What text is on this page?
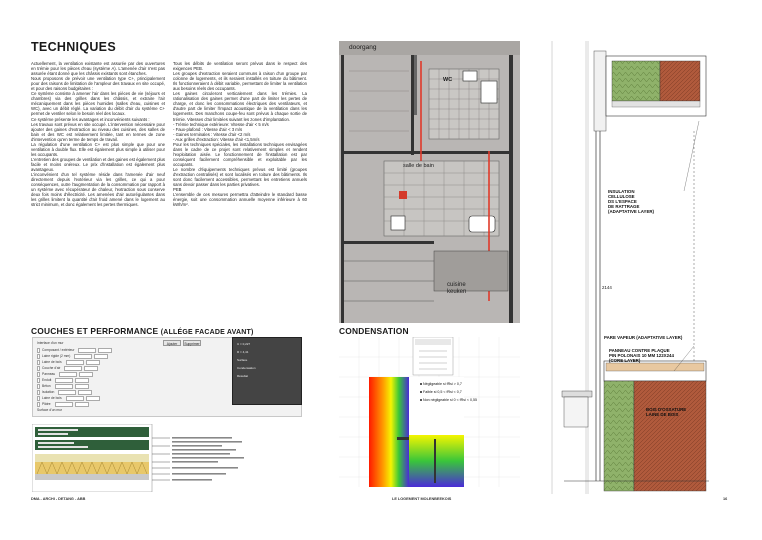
TECHNIQUES

Actuellement, la ventilation existante est assurée par des ouvertures en trémie pour les pièces d'eau (système A). L'amenée d'air n'est pas assurée étant donné que les châssis existants sont étanches.

Nous proposons de prévoir une ventilation type C+, principalement pour des raisons de limitation de l'ampleur des travaux en site occupé, et pour des raisons budgétaires :

Ce système consiste à amener l'air dans les pièces de vie (séjours et chambres) via des grilles dans les châssis, et extraire l'air mécaniquement dans les pièces humides (salles d'eau, cuisines et WC), avec un débit réglé. La variation du débit d'air du système C+ permet de ventiler selon le besoin réel des locaux.

Ce système présente les avantages et inconvénients suivants :

Les travaux sont prévus en site occupé. L'intervention nécessaire pour ajouter des gaines d'extraction au niveau des cuisines, des salles de bain et des WC est relativement limitée, tant en termes de zone d'intervention qu'en terme de temps de travail.

La régulation d'une ventilation C+ est plus simple que pour une ventilation à double flux. Elle est également plus simple à utiliser pour les occupants.

L'entretien des groupes de ventilation et des gaines est également plus facile et moins onéreux. Le prix d'installation est également plus avantageux.

L'inconvénient d'un tel système réside dans l'amenée d'air neuf directement depuis l'extérieur via les grilles, ce qui a pour conséquences, outre l'augmentation de la consommation par rapport à un système avec récupérateur de chaleur, l'extraction sous conserve deux fois moins d'électricité. Les amenées d'air autorégulantes dans les grilles limitent la quantité d'air froid amené dans le logement au strict minimum, et donc également les pertes thermiques.

Tous les débits de ventilation seront prévus dans le respect des exigences PEB.

Les groupes d'extraction seraient communs à raison d'un groupe par colonne de logements, et ils seraient installés en toiture du bâtiment. Ils fonctionneraient à débit variable, permettant de limiter la ventilation aux besoins réels des occupants.

Les gaines circuleront verticalement dans les trémies. La rationalisation des gaines permet d'une part de limiter les pertes de charge, et donc les consommations électriques des ventilateurs, et d'autre part de limiter l'impact acoustique de la ventilation dans les logements. Des manchons coupe-feu sont prévus à chaque sortie de trémie. Vitesses d'air limitées suivant les zones d'implantation.

- Trémie technique extérieure: Vitesse d'air < 5 m/s

- Faux-plafond : Vitesse d'air < 3 m/s

- Gaines terminales : Vitesse d'air <2 m/s

- Aux grilles d'extraction: Vitesse d'air <1,5m/s

Pour les techniques spéciales, les installations techniques envisagées dans le cadre de ce projet sont relativement simples et rendent l'exploitation aisée. Le fonctionnement de l'installation est par conséquent facilement compréhensible et exploitable par les occupants.

Le nombre d'équipements techniques prévus est limité (groupes d'extraction centralisés) et sont localisés en toiture des bâtiments. Ils sont donc facilement accessibles, permettant les entretiens annuels sans devoir passer dans les parties privatives.

PEB

L'ensemble de ces mesures permettra d'atteindre le standard basse énergie, soit une consommation annuelle moyenne inférieure à 60 kWh/m².

COUCHES ET PERFORMANCE (ALLÉGE FACADE AVANT)
Interface d'un mur
Composant / extérieur
Laine rigide (2 mm)
Laine de bois
Couche d'air
Panneau
Enduit
Béton
Isolation
Laine de bois
Plâtre
Surface d'un mur
Ajouter	Supprimer	U = 0,227
R = 4,41
Surface
Condensation
Résultat
doorgang
WC
salle de bain
cuisine
keuken
CONDENSATION
Négligeable si fRsi > 0,7
Faible si 0,5 < fRsi < 0,7
Non négligeable si 0 < fRsi < 0,55
INSULATION
CELLULOSE
DS L'ESPACE
DE RATTRAGE
(ADAPTATIVE LAYER)
2144
PARE VAPEUR (ADAPTATIVE LAYER)
PANNEAU CONTRE PLAQUE
PIN POLONAIS 10 MM 122X244
(CORE LAYER)
BOIS D'OSSATURE
LAINE DE BOIS
DMA - ARCHI - DETANG - ABB	LE LOGEMENT MOLENBEEKOIS	16
